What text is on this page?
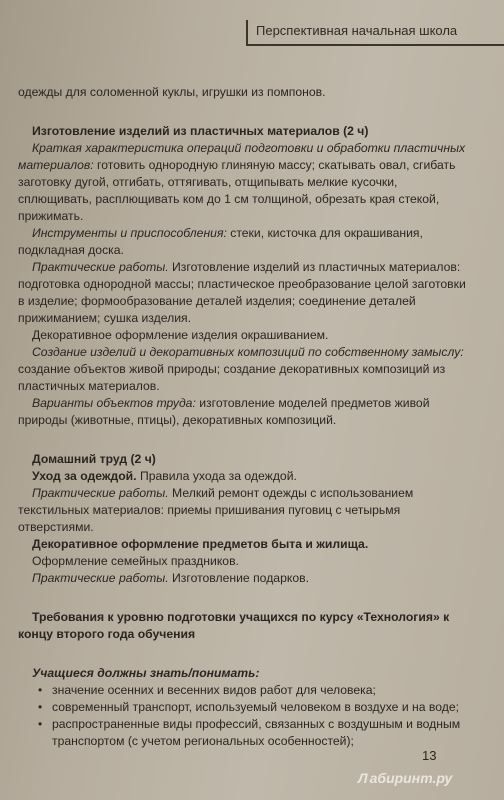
Перспективная начальная школа

одежды для соломенной куклы, игрушки из помпонов.

Изготовление изделий из пластичных материалов (2 ч)

Краткая характеристика операций подготовки и обработки пластичных материалов: готовить однородную глиняную массу; скатывать овал, сгибать заготовку дугой, отгибать, оттягивать, отщипывать мелкие кусочки, сплющивать, расплющивать ком до 1 см толщиной, обрезать края стекой, прижимать.

Инструменты и приспособления: стеки, кисточка для окрашивания, подкладная доска.

Практические работы. Изготовление изделий из пластичных материалов: подготовка однородной массы; пластическое преобразование целой заготовки в изделие; формообразование деталей изделия; соединение деталей прижиманием; сушка изделия.

Декоративное оформление изделия окрашиванием.

Создание изделий и декоративных композиций по собственному замыслу: создание объектов живой природы; создание декоративных композиций из пластичных материалов.

Варианты объектов труда: изготовление моделей предметов живой природы (животные, птицы), декоративных композиций.

Домашний труд (2 ч)

Уход за одеждой. Правила ухода за одеждой.

Практические работы. Мелкий ремонт одежды с использованием текстильных материалов: приемы пришивания пуговиц с четырьмя отверстиями.

Декоративное оформление предметов быта и жилища.

Оформление семейных праздников.

Практические работы. Изготовление подарков.

Требования к уровню подготовки учащихся по курсу «Технология» к концу второго года обучения

Учащиеся должны знать/понимать:

• значение осенних и весенних видов работ для человека;
• современный транспорт, используемый человеком в воздухе и на воде;
• распространенные виды профессий, связанных с воздушным и водным транспортом (с учетом региональных особенностей);
13
Л абиринт.ру
